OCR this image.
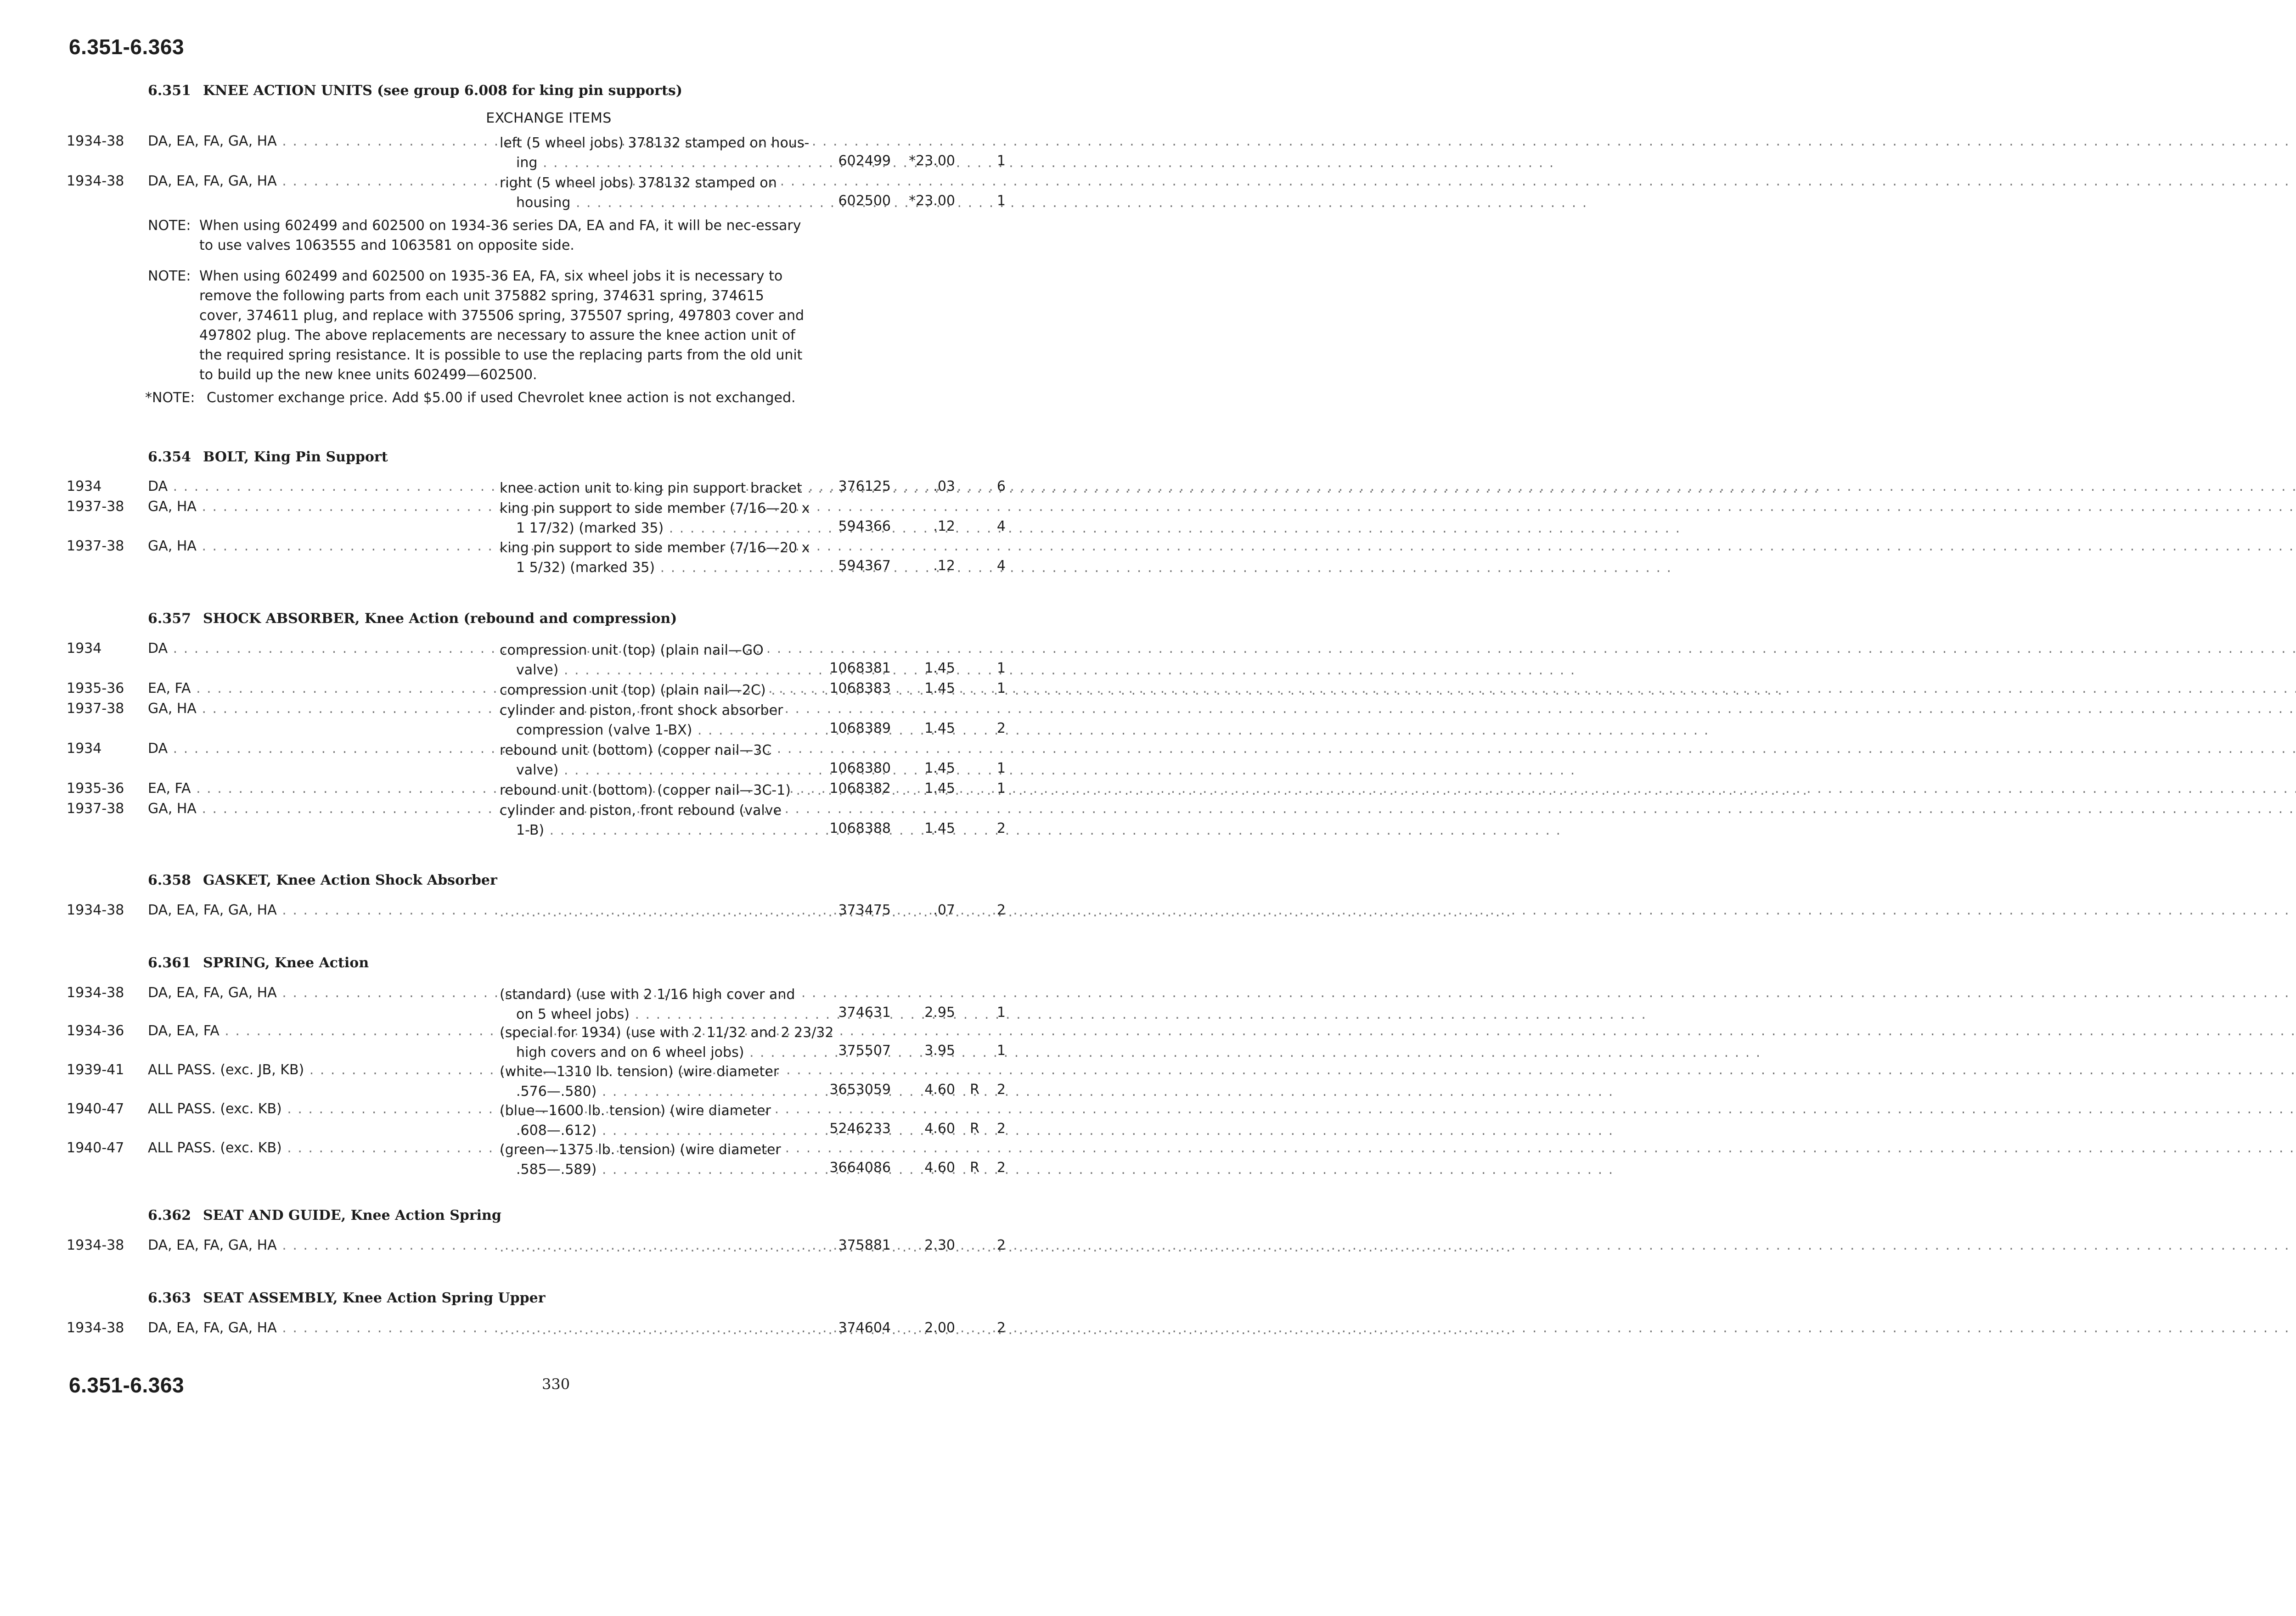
6.351-6.363
6.351 KNEE ACTION UNITS (see group 6.008 for king pin supports)
EXCHANGE ITEMS
1934-38 DA, EA, FA, GA, HA . . .	left (5 wheel jobs) 378132 stamped on hous-
ing . . .	602499	*23.00	1
1934-38 DA, EA, FA, GA, HA . . .	right (5 wheel jobs) 378132 stamped on
housing . . .	602500	*23.00	1
NOTE: When using 602499 and 602500 on 1934-36 series DA, EA and FA, it will be nec-essary to use valves 1063555 and 1063581 on opposite side.
NOTE: When using 602499 and 602500 on 1935-36 EA, FA, six wheel jobs it is necessary to remove the following parts from each unit 375882 spring, 374631 spring, 374615 cover, 374611 plug, and replace with 375506 spring, 375507 spring, 497803 cover and 497802 plug. The above replacements are necessary to assure the knee action unit of the required spring resistance. It is possible to use the replacing parts from the old unit to build up the new knee units 602499—602500.
*NOTE: Customer exchange price. Add $5.00 if used Chevrolet knee action is not exchanged.
6.354 BOLT, King Pin Support
1934	DA . . .	knee action unit to king pin support bracket . . .	376125	.03	6
1937-38 GA, HA . . .	king pin support to side member (7/16—20 x
1 17/32) (marked 35) . . .	594366	.12	4
1937-38 GA, HA . . .	king pin support to side member (7/16—20 x
1 5/32) (marked 35) . . .	594367	.12	4
6.357 SHOCK ABSORBER, Knee Action (rebound and compression)
1934	DA . . .	compression unit (top) (plain nail—GO
valve) . . .	1068381	1.45	1
1935-36 EA, FA . . .	compression unit (top) (plain nail—2C) . . .	1068383	1.45	1
1937-38 GA, HA . . .	cylinder and piston, front shock absorber
compression (valve 1-BX) . . .	1068389	1.45	2
1934	DA . . .	rebound unit (bottom) (copper nail—3C
valve) . . .	1068380	1.45	1
1935-36 EA, FA . . .	rebound unit (bottom) (copper nail—3C-1) . . .	1068382	1.45	1
1937-38 GA, HA . . .	cylinder and piston, front rebound (valve
1-B) . . .	1068388	1.45	2
6.358 GASKET, Knee Action Shock Absorber
1934-38 DA, EA, FA, GA, HA . . . . . .	373475	.07	2
6.361 SPRING, Knee Action
1934-38 DA, EA, FA, GA, HA . . .	(standard) (use with 2 1/16 high cover and
on 5 wheel jobs) . . .	374631	2.95	1
1934-36 DA, EA, FA . . .	(special for 1934) (use with 2 11/32 and 2 23/32
high covers and on 6 wheel jobs) . . .	375507	3.95	1
1939-41 ALL PASS. (exc. JB, KB) . . .	(white—1310 lb. tension) (wire diameter
.576—.580) . . .	3653059	4.60 R	2
1940-47 ALL PASS. (exc. KB) . . .	(blue—1600 lb. tension) (wire diameter
.608—.612) . . .	5246233	4.60 R	2
1940-47 ALL PASS. (exc. KB) . . .	(green—1375 lb. tension) (wire diameter
.585—.589) . . .	3664086	4.60 R	2
6.362 SEAT AND GUIDE, Knee Action Spring
1934-38 DA, EA, FA, GA, HA . . . . . .	375881	2.30	2
6.363 SEAT ASSEMBLY, Knee Action Spring Upper
1934-38 DA, EA, FA, GA, HA . . . . . .	374604	2.00	2
6.351-6.363	330
